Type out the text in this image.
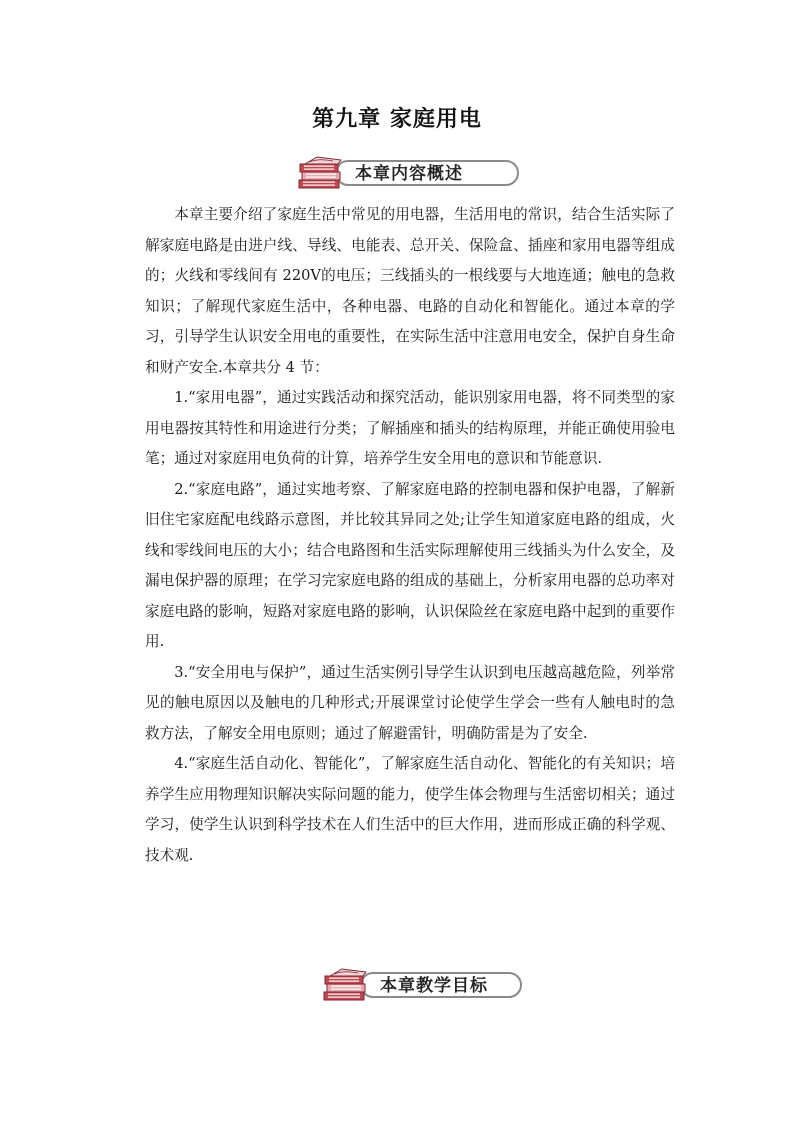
第九章 家庭用电
本章内容概述

本章主要介绍了家庭生活中常见的用电器，生活用电的常识，结合生活实际了解家庭电路是由进户线、导线、电能表、总开关、保险盒、插座和家用电器等组成的；火线和零线间有 220V的电压；三线插头的一根线要与大地连通；触电的急救知识；了解现代家庭生活中，各种电器、电路的自动化和智能化。通过本章的学习，引导学生认识安全用电的重要性，在实际生活中注意用电安全，保护自身生命和财产安全.本章共分 4 节：

1.“家用电器”，通过实践活动和探究活动，能识别家用电器，将不同类型的家用电器按其特性和用途进行分类；了解插座和插头的结构原理，并能正确使用验电笔；通过对家庭用电负荷的计算，培养学生安全用电的意识和节能意识.

2.“家庭电路”，通过实地考察、了解家庭电路的控制电器和保护电器，了解新旧住宅家庭配电线路示意图，并比较其异同之处;让学生知道家庭电路的组成，火线和零线间电压的大小；结合电路图和生活实际理解使用三线插头为什么安全，及漏电保护器的原理；在学习完家庭电路的组成的基础上，分析家用电器的总功率对家庭电路的影响，短路对家庭电路的影响，认识保险丝在家庭电路中起到的重要作用.

3.“安全用电与保护”，通过生活实例引导学生认识到电压越高越危险，列举常见的触电原因以及触电的几种形式;开展课堂讨论使学生学会一些有人触电时的急救方法，了解安全用电原则；通过了解避雷针，明确防雷是为了安全.

4.“家庭生活自动化、智能化”，了解家庭生活自动化、智能化的有关知识；培养学生应用物理知识解决实际问题的能力，使学生体会物理与生活密切相关；通过学习，使学生认识到科学技术在人们生活中的巨大作用，进而形成正确的科学观、技术观.

本章教学目标
